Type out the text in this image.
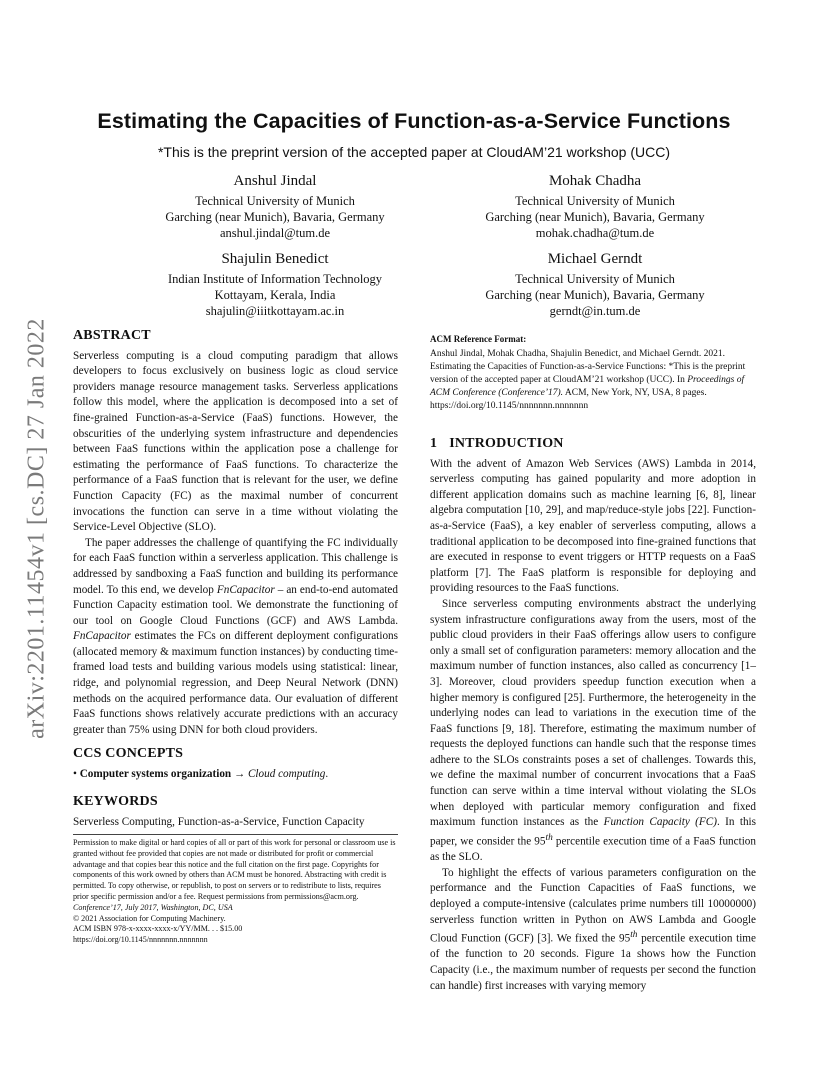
arXiv:2201.11454v1 [cs.DC] 27 Jan 2022
Estimating the Capacities of Function-as-a-Service Functions
*This is the preprint version of the accepted paper at CloudAM’21 workshop (UCC)
Anshul Jindal
Technical University of Munich
Garching (near Munich), Bavaria, Germany
anshul.jindal@tum.de
Mohak Chadha
Technical University of Munich
Garching (near Munich), Bavaria, Germany
mohak.chadha@tum.de
Shajulin Benedict
Indian Institute of Information Technology
Kottayam, Kerala, India
shajulin@iiitkottayam.ac.in
Michael Gerndt
Technical University of Munich
Garching (near Munich), Bavaria, Germany
gerndt@in.tum.de
ABSTRACT

Serverless computing is a cloud computing paradigm that allows developers to focus exclusively on business logic as cloud service providers manage resource management tasks. Serverless applications follow this model, where the application is decomposed into a set of fine-grained Function-as-a-Service (FaaS) functions. However, the obscurities of the underlying system infrastructure and dependencies between FaaS functions within the application pose a challenge for estimating the performance of FaaS functions. To characterize the performance of a FaaS function that is relevant for the user, we define Function Capacity (FC) as the maximal number of concurrent invocations the function can serve in a time without violating the Service-Level Objective (SLO).

The paper addresses the challenge of quantifying the FC individually for each FaaS function within a serverless application. This challenge is addressed by sandboxing a FaaS function and building its performance model. To this end, we develop FnCapacitor – an end-to-end automated Function Capacity estimation tool. We demonstrate the functioning of our tool on Google Cloud Functions (GCF) and AWS Lambda. FnCapacitor estimates the FCs on different deployment configurations (allocated memory & maximum function instances) by conducting time-framed load tests and building various models using statistical: linear, ridge, and polynomial regression, and Deep Neural Network (DNN) methods on the acquired performance data. Our evaluation of different FaaS functions shows relatively accurate predictions with an accuracy greater than 75% using DNN for both cloud providers.

CCS CONCEPTS
• Computer systems organization → Cloud computing.
KEYWORDS
Serverless Computing, Function-as-a-Service, Function Capacity
Permission to make digital or hard copies of all or part of this work for personal or classroom use is granted without fee provided that copies are not made or distributed for profit or commercial advantage and that copies bear this notice and the full citation on the first page. Copyrights for components of this work owned by others than ACM must be honored. Abstracting with credit is permitted. To copy otherwise, or republish, to post on servers or to redistribute to lists, requires prior specific permission and/or a fee. Request permissions from permissions@acm.org.
Conference’17, July 2017, Washington, DC, USA
© 2021 Association for Computing Machinery.
ACM ISBN 978-x-xxxx-xxxx-x/YY/MM. . . $15.00
https://doi.org/10.1145/nnnnnnn.nnnnnnn
ACM Reference Format:
Anshul Jindal, Mohak Chadha, Shajulin Benedict, and Michael Gerndt. 2021. Estimating the Capacities of Function-as-a-Service Functions: *This is the preprint version of the accepted paper at CloudAM’21 workshop (UCC). In Proceedings of ACM Conference (Conference’17). ACM, New York, NY, USA, 8 pages. https://doi.org/10.1145/nnnnnnn.nnnnnnn
1 INTRODUCTION

With the advent of Amazon Web Services (AWS) Lambda in 2014, serverless computing has gained popularity and more adoption in different application domains such as machine learning [6, 8], linear algebra computation [10, 29], and map/reduce-style jobs [22]. Function-as-a-Service (FaaS), a key enabler of serverless computing, allows a traditional application to be decomposed into fine-grained functions that are executed in response to event triggers or HTTP requests on a FaaS platform [7]. The FaaS platform is responsible for deploying and providing resources to the FaaS functions.

Since serverless computing environments abstract the underlying system infrastructure configurations away from the users, most of the public cloud providers in their FaaS offerings allow users to configure only a small set of configuration parameters: memory allocation and the maximum number of function instances, also called as concurrency [1–3]. Moreover, cloud providers speedup function execution when a higher memory is configured [25]. Furthermore, the heterogeneity in the underlying nodes can lead to variations in the execution time of the FaaS functions [9, 18]. Therefore, estimating the maximum number of requests the deployed functions can handle such that the response times adhere to the SLOs constraints poses a set of challenges. Towards this, we define the maximal number of concurrent invocations that a FaaS function can serve within a time interval without violating the SLOs when deployed with particular memory configuration and fixed maximum function instances as the Function Capacity (FC). In this paper, we consider the 95th percentile execution time of a FaaS function as the SLO.

To highlight the effects of various parameters configuration on the performance and the Function Capacities of FaaS functions, we deployed a compute-intensive (calculates prime numbers till 10000000) serverless function written in Python on AWS Lambda and Google Cloud Function (GCF) [3]. We fixed the 95th percentile execution time of the function to 20 seconds. Figure 1a shows how the Function Capacity (i.e., the maximum number of requests per second the function can handle) first increases with varying memory
